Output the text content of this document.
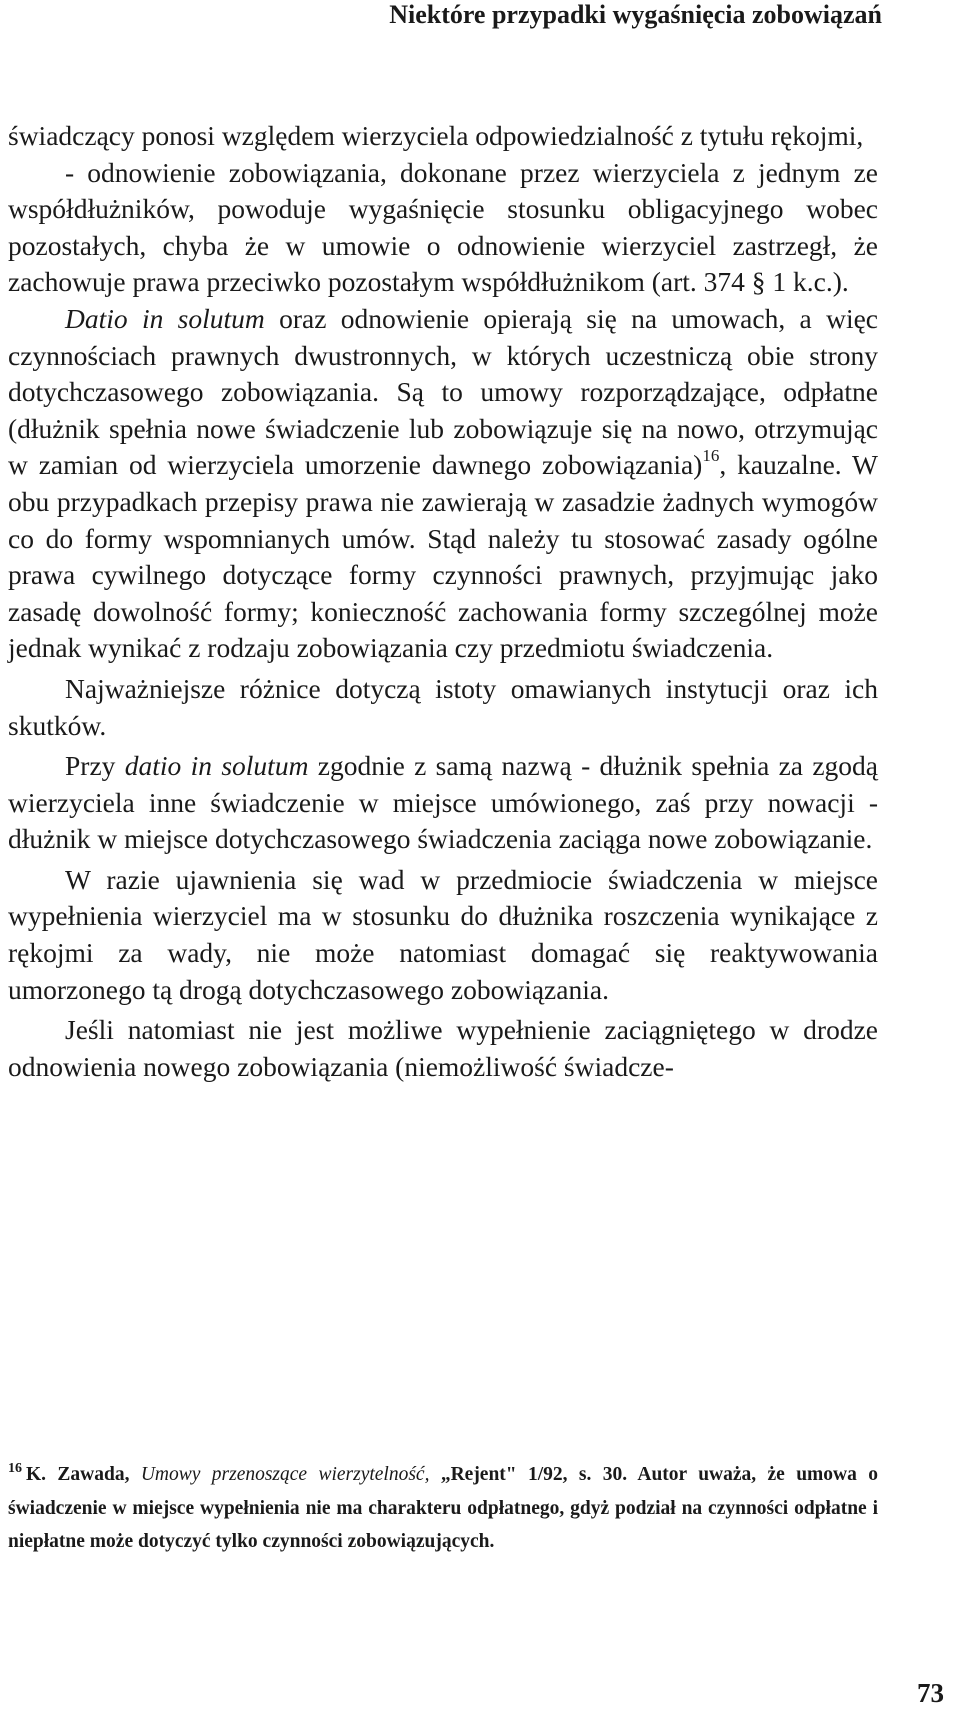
Niektóre przypadki wygaśnięcia zobowiązań

świadczący ponosi względem wierzyciela odpowiedzialność z tytułu rękojmi,

- odnowienie zobowiązania, dokonane przez wierzyciela z jednym ze współdłużników, powoduje wygaśnięcie stosunku obligacyjnego wobec pozostałych, chyba że w umowie o odnowienie wierzyciel zastrzegł, że zachowuje prawa przeciwko pozostałym współdłużnikom (art. 374 § 1 k.c.).

Datio in solutum oraz odnowienie opierają się na umowach, a więc czynnościach prawnych dwustronnych, w których uczestniczą obie strony dotychczasowego zobowiązania. Są to umowy rozporządzające, odpłatne (dłużnik spełnia nowe świadczenie lub zobowiązuje się na nowo, otrzymując w zamian od wierzyciela umorzenie dawnego zobowiązania)$^{16}$, kauzalne. W obu przypadkach przepisy prawa nie zawierają w zasadzie żadnych wymogów co do formy wspomnianych umów. Stąd należy tu stosować zasady ogólne prawa cywilnego dotyczące formy czynności prawnych, przyjmując jako zasadę dowolność formy; konieczność zachowania formy szczególnej może jednak wynikać z rodzaju zobowiązania czy przedmiotu świadczenia.

Najważniejsze różnice dotyczą istoty omawianych instytucji oraz ich skutków.

Przy datio in solutum zgodnie z samą nazwą - dłużnik spełnia za zgodą wierzyciela inne świadczenie w miejsce umówionego, zaś przy nowacji - dłużnik w miejsce dotychczasowego świadczenia zaciąga nowe zobowiązanie.

W razie ujawnienia się wad w przedmiocie świadczenia w miejsce wypełnienia wierzyciel ma w stosunku do dłużnika roszczenia wynikające z rękojmi za wady, nie może natomiast domagać się reaktywowania umorzonego tą drogą dotychczasowego zobowiązania.

Jeśli natomiast nie jest możliwe wypełnienie zaciągniętego w drodze odnowienia nowego zobowiązania (niemożliwość świadcze-

$^{16}$ K. Zawada, Umowy przenoszące wierzytelność, „Rejent" 1/92, s. 30. Autor uważa, że umowa o świadczenie w miejsce wypełnienia nie ma charakteru odpłatnego, gdyż podział na czynności odpłatne i niepłatne może dotyczyć tylko czynności zobowiązujących.
73
